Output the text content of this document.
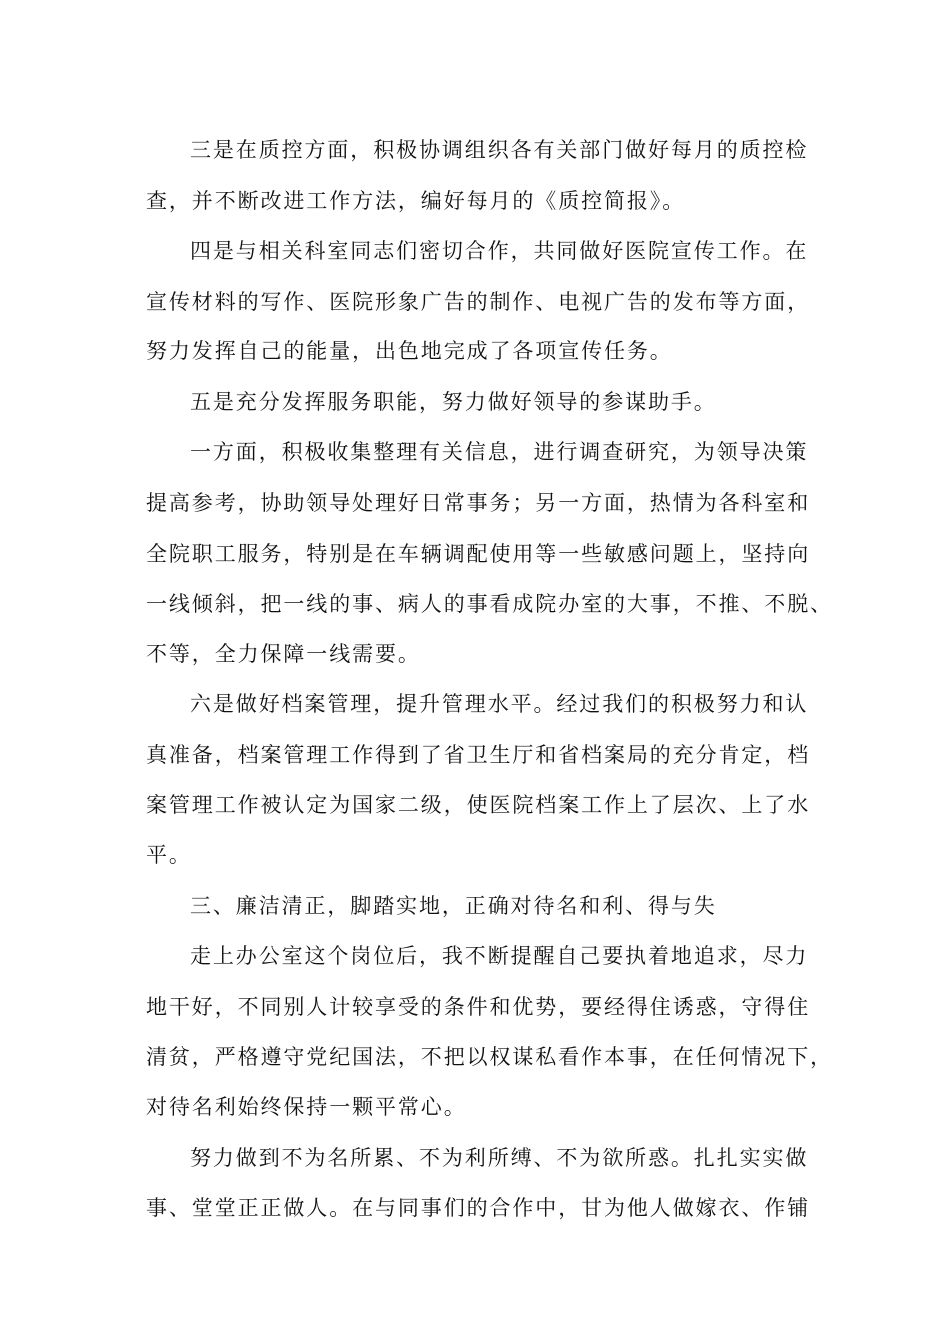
三是在质控方面，积极协调组织各有关部门做好每月的质控检
查，并不断改进工作方法，编好每月的《质控简报》。
四是与相关科室同志们密切合作，共同做好医院宣传工作。在
宣传材料的写作、医院形象广告的制作、电视广告的发布等方面，
努力发挥自己的能量，出色地完成了各项宣传任务。
五是充分发挥服务职能，努力做好领导的参谋助手。
一方面，积极收集整理有关信息，进行调查研究，为领导决策
提高参考，协助领导处理好日常事务；另一方面，热情为各科室和
全院职工服务，特别是在车辆调配使用等一些敏感问题上，坚持向
一线倾斜，把一线的事、病人的事看成院办室的大事，不推、不脱、
不等，全力保障一线需要。
六是做好档案管理，提升管理水平。经过我们的积极努力和认
真准备，档案管理工作得到了省卫生厅和省档案局的充分肯定，档
案管理工作被认定为国家二级，使医院档案工作上了层次、上了水
平。
三、廉洁清正，脚踏实地，正确对待名和利、得与失
走上办公室这个岗位后，我不断提醒自己要执着地追求，尽力
地干好，不同别人计较享受的条件和优势，要经得住诱惑，守得住
清贫，严格遵守党纪国法，不把以权谋私看作本事，在任何情况下，
对待名利始终保持一颗平常心。
努力做到不为名所累、不为利所缚、不为欲所惑。扎扎实实做
事、堂堂正正做人。在与同事们的合作中，甘为他人做嫁衣、作铺
